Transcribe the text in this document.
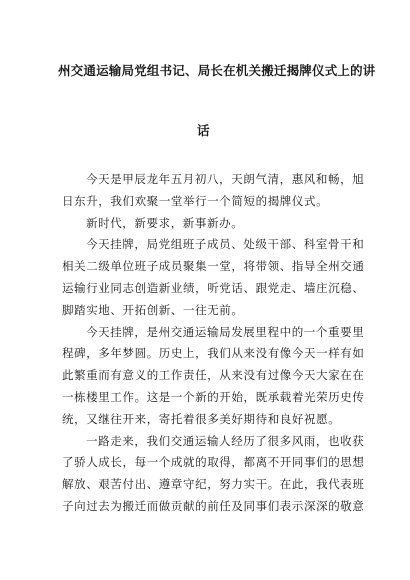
州交通运输局党组书记、局长在机关搬迁揭牌仪式上的讲
话

今天是甲辰龙年五月初八，天朗气清，惠风和畅，旭

日东升，我们欢聚一堂举行一个简短的揭牌仪式。

新时代，新要求，新事新办。

今天挂牌，局党组班子成员、处级干部、科室骨干和

相关二级单位班子成员聚集一堂，将带领、指导全州交通

运输行业同志创造新业绩，听党话、跟党走、墙庄沉稳、

脚踏实地、开拓创新、一往无前。

今天挂牌，是州交通运输局发展里程中的一个重要里

程碑，多年梦圆。历史上，我们从来没有像今天一样有如

此繁重而有意义的工作责任，从来没有过像今天大家在在

一栋楼里工作。这是一个新的开始，既承载着光荣历史传

统，又继往开来，寄托着很多美好期待和良好祝愿。

一路走来，我们交通运输人经历了很多风雨，也收获

了骄人成长，每一个成就的取得，都离不开同事们的思想

解放、艰苦付出、遵章守纪，努力实干。在此，我代表班

子向过去为搬迁而做贡献的前任及同事们表示深深的敬意
